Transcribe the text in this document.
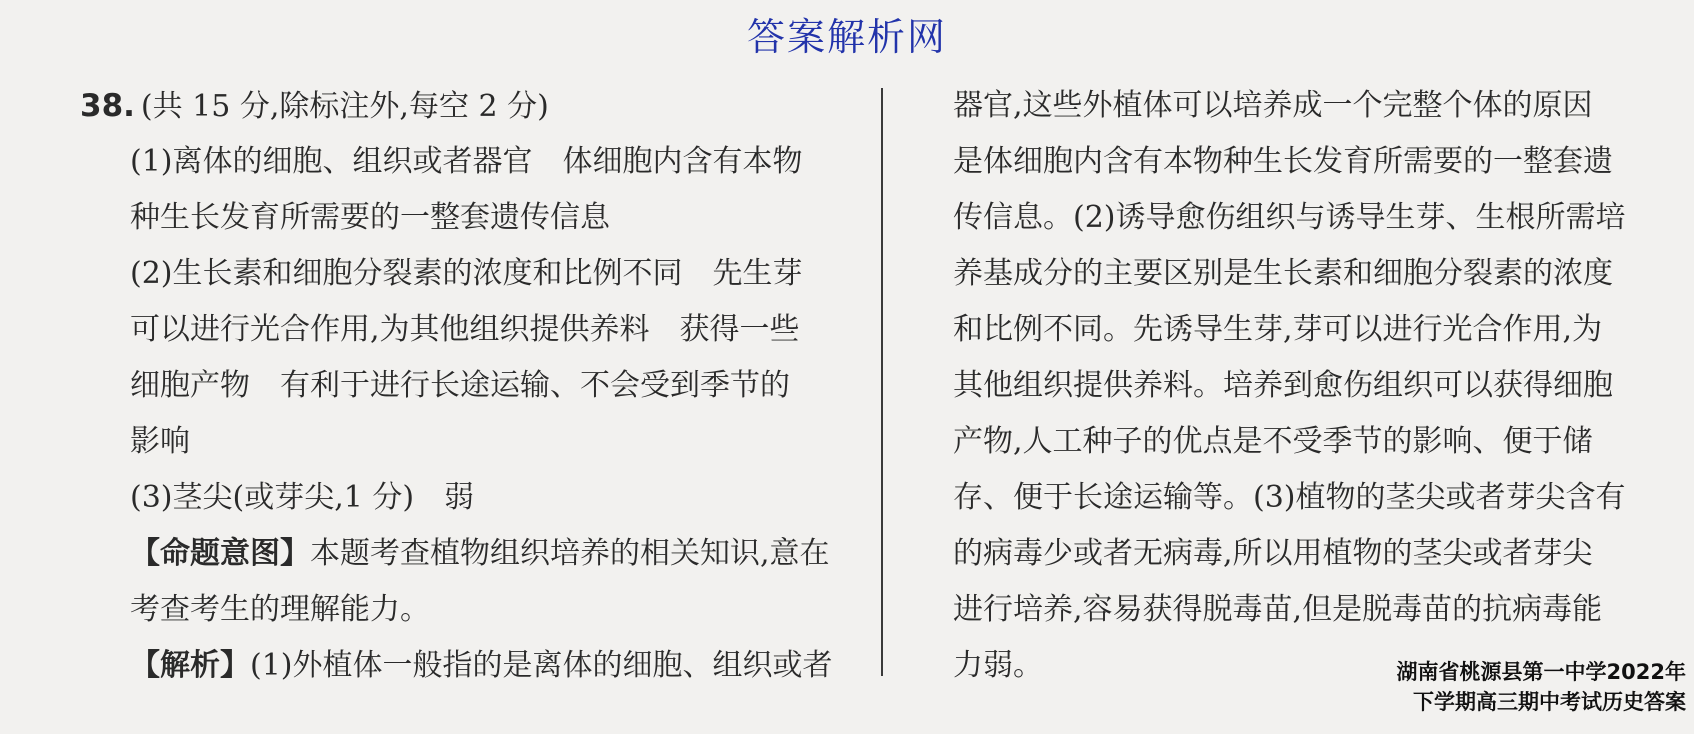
答案解析网
38. (共 15 分,除标注外,每空 2 分)
(1)离体的细胞、组织或者器官　体细胞内含有本物
种生长发育所需要的一整套遗传信息
(2)生长素和细胞分裂素的浓度和比例不同　先生芽
可以进行光合作用,为其他组织提供养料　获得一些
细胞产物　有利于进行长途运输、不会受到季节的
影响
(3)茎尖(或芽尖,1 分)　弱
【命题意图】本题考查植物组织培养的相关知识,意在
考查考生的理解能力。
【解析】(1)外植体一般指的是离体的细胞、组织或者
器官,这些外植体可以培养成一个完整个体的原因
是体细胞内含有本物种生长发育所需要的一整套遗
传信息。(2)诱导愈伤组织与诱导生芽、生根所需培
养基成分的主要区别是生长素和细胞分裂素的浓度
和比例不同。先诱导生芽,芽可以进行光合作用,为
其他组织提供养料。培养到愈伤组织可以获得细胞
产物,人工种子的优点是不受季节的影响、便于储
存、便于长途运输等。(3)植物的茎尖或者芽尖含有
的病毒少或者无病毒,所以用植物的茎尖或者芽尖
进行培养,容易获得脱毒苗,但是脱毒苗的抗病毒能
力弱。	湖南省桃源县第一中学2022年
下学期高三期中考试历史答案
